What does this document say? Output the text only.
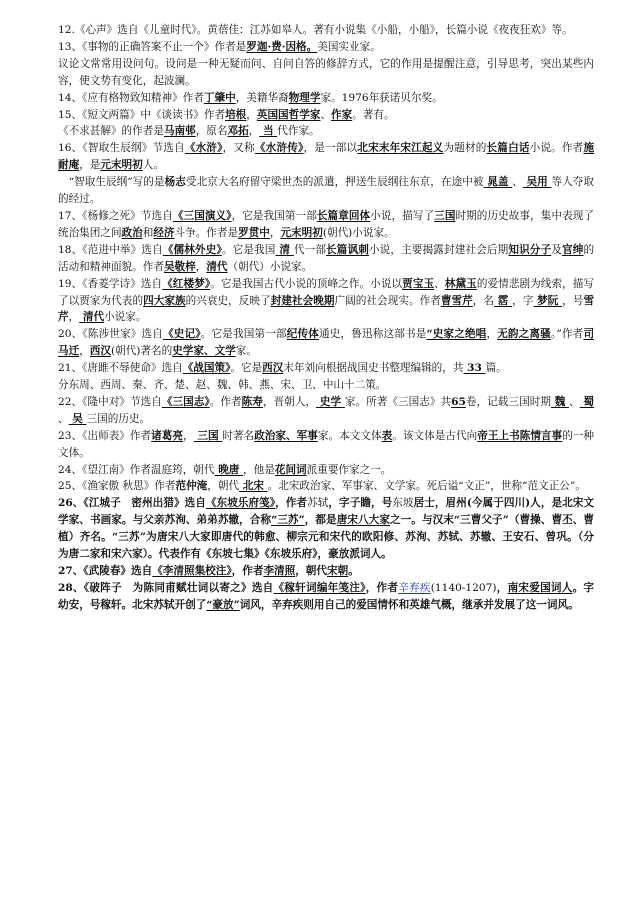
12.《心声》选自《儿童时代》。黄蓓佳：江苏如皋人。著有小说集《小船，小船》，长篇小说《夜夜狂欢》等。

13、《事物的正确答案不止一个》作者是罗迦·费·因格。美国实业家。

议论文常常用设问句。设问是一种无疑而问、自问自答的修辞方式，它的作用是提醒注意，引导思考，突出某些内容，使文势有变化，起波澜。

14、《应有格物致知精神》作者丁肇中，美籍华裔物理学家。1976年获诺贝尔奖。

15、《短文两篇》中《谈读书》作者培根，英国国哲学家、作家。著有。

《不求甚解》的作者是马南邨，原名邓拓， 当 代作家。

16、《智取生辰纲》节选自《水浒》，又称《水浒传》，是一部以北宋末年宋江起义为题材的长篇白话小说。作者施耐庵，是元末明初人。

　“智取生辰纲”写的是杨志受北京大名府留守梁世杰的派遣，押送生辰纲往东京，在途中被 晁盖 、 吴用 等人夺取的经过。

17、《杨修之死》节选自《三国演义》，它是我国第一部长篇章回体小说，描写了三国时期的历史故事，集中表现了统治集团之间政治和经济斗争。作者是罗贯中，元末明初(朝代)小说家。

18、《范进中举》选自《儒林外史》。它是我国 清 代一部长篇讽刺小说，主要揭露封建社会后期知识分子及官绅的活动和精神面貌。作者吴敬梓，清代（朝代）小说家。

19、《香菱学诗》选自《红楼梦》。它是我国古代小说的顶峰之作。小说以贾宝玉、林黛玉的爱情悲剧为线索，描写了以贾家为代表的四大家族的兴衰史，反映了封建社会晚期广阔的社会现实。作者曹雪芹，名 霑 ，字 梦阮 ，号雪芹， 清代小说家。

20、《陈涉世家》选自《史记》。它是我国第一部纪传体通史，鲁迅称这部书是“史家之绝唱，无韵之离骚。”作者司马迁，西汉(朝代)著名的史学家、文学家。

21、《唐雎不辱使命》选自《战国策》。它是西汉末年刘向根据战国史书整理编辑的，共 33 篇。

分东周、西周、秦、齐、楚、赵、魏、韩、燕、宋、卫、中山十二策。

22、《隆中对》节选自《三国志》。作者陈寿，晋朝人， 史学 家。所著《三国志》共65卷，记载三国时期 魏 、 蜀 、 吴 三国的历史。

23、《出师表》作者诸葛亮， 三国 时著名政治家、军事家。本文文体表。该文体是古代向帝王上书陈情言事的一种文体。

24、《望江南》作者温庭筠，朝代 晚唐 ，他是花间词派重要作家之一。

25、《渔家傲 秋思》作者范仲淹，朝代 北宋 。北宋政治家、军事家、文学家。死后谥“文正”，世称“范文正公”。

26、《江城子　密州出猎》选自《东坡乐府笺》，作者苏轼，字子瞻，号东坡居士，眉州(今属于四川)人，是北宋文学家、书画家。与父亲苏洵、弟弟苏辙，合称“三苏”，都是唐宋八大家之一。与汉末“三曹父子”（曹操、曹丕、曹植）齐名。“三苏”为唐宋八大家即唐代的韩愈、柳宗元和宋代的欧阳修、苏洵、苏轼、苏辙、王安石、曾巩。（分为唐二家和宋六家）。代表作有《东坡七集》《东坡乐府》，豪放派词人。

27、《武陵春》选自《李清照集校注》，作者李清照，朝代宋朝。

28、《破阵子　为陈同甫赋壮词以寄之》选自《稼轩词编年笺注》，作者辛弃疾(1140-1207)，南宋爱国词人。字幼安，号稼轩。北宋苏轼开创了“豪放”词风，辛弃疾则用自己的爱国情怀和英雄气概，继承并发展了这一词风。
